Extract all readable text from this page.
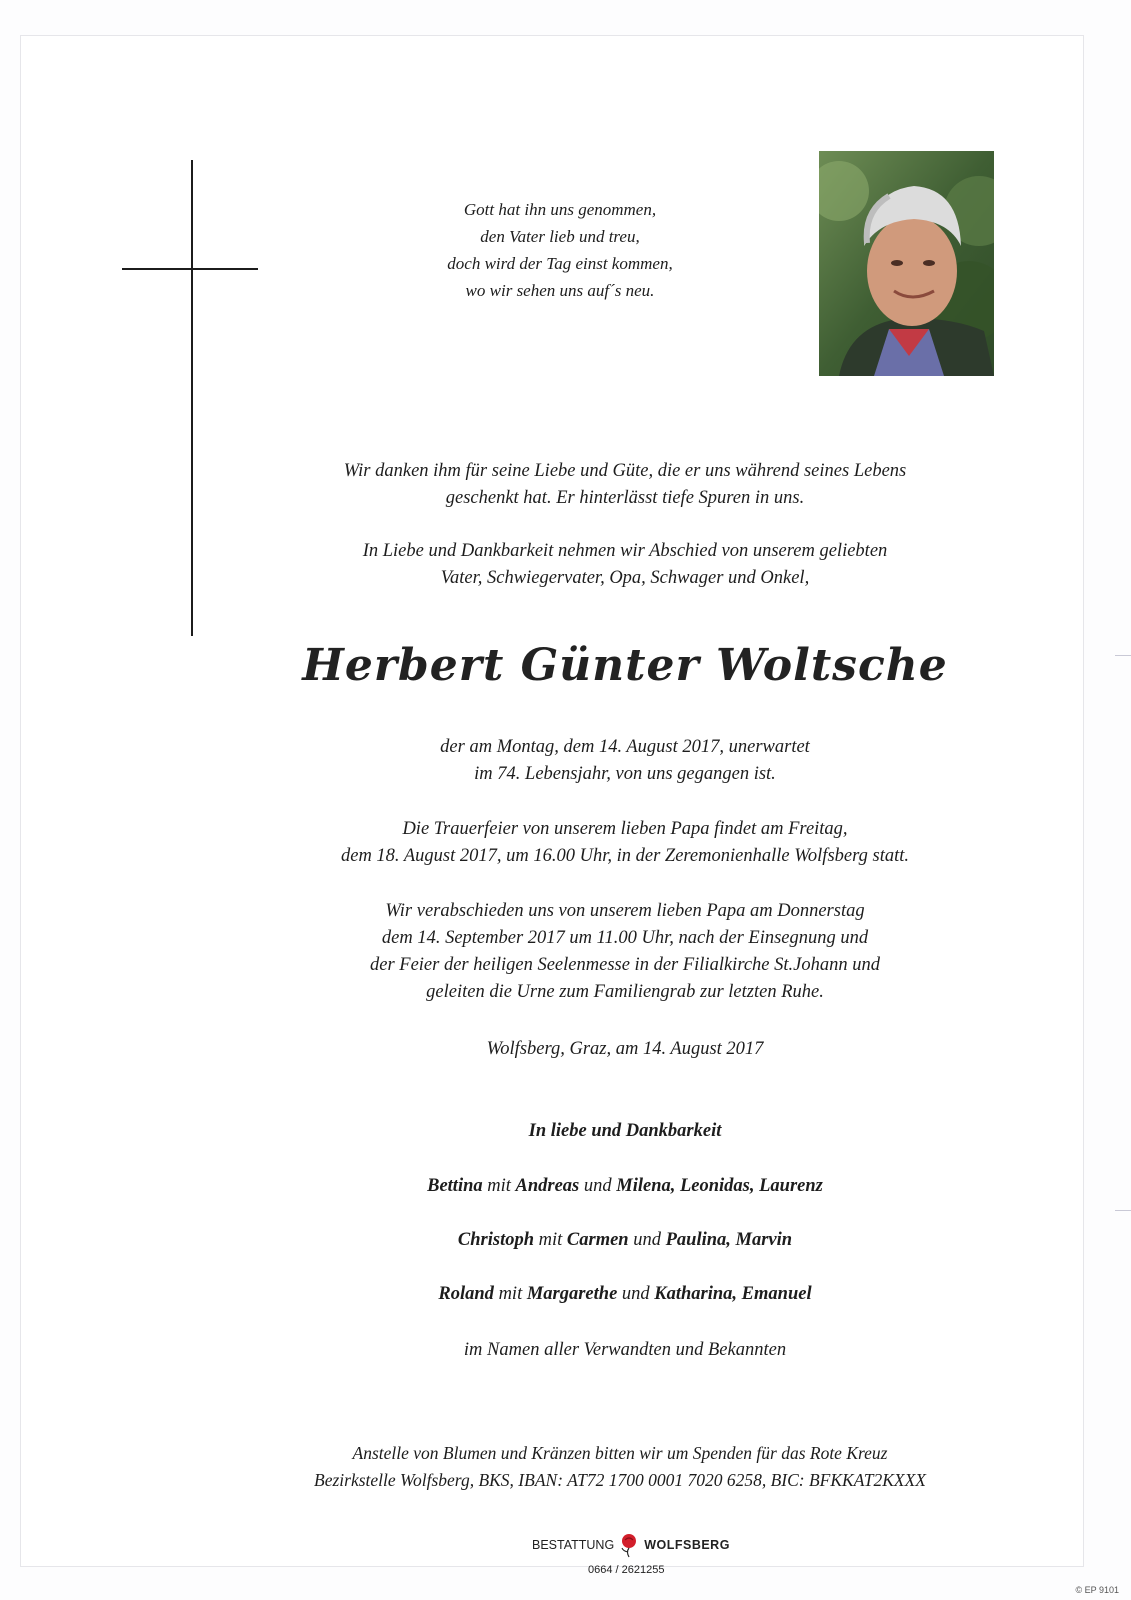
Gott hat ihn uns genommen,
den Vater lieb und treu,
doch wird der Tag einst kommen,
wo wir sehen uns auf´s neu.
Wir danken ihm für seine Liebe und Güte, die er uns während seines Lebens
geschenkt hat. Er hinterlässt tiefe Spuren in uns.
In Liebe und Dankbarkeit nehmen wir Abschied von unserem geliebten
Vater, Schwiegervater, Opa, Schwager und Onkel,
Herbert Günter Woltsche
der am Montag, dem 14. August 2017, unerwartet
im 74. Lebensjahr, von uns gegangen ist.
Die Trauerfeier von unserem lieben Papa findet am Freitag,
dem 18. August 2017, um 16.00 Uhr, in der Zeremonienhalle Wolfsberg statt.
Wir verabschieden uns von unserem lieben Papa am Donnerstag
dem 14. September 2017 um 11.00 Uhr, nach der Einsegnung und
der Feier der heiligen Seelenmesse in der Filialkirche St.Johann und
geleiten die Urne zum Familiengrab zur letzten Ruhe.
Wolfsberg, Graz, am 14. August 2017
In liebe und Dankbarkeit
Bettina mit Andreas und Milena, Leonidas, Laurenz
Christoph mit Carmen und Paulina, Marvin
Roland mit Margarethe und Katharina, Emanuel
im Namen aller Verwandten und Bekannten
Anstelle von Blumen und Kränzen bitten wir um Spenden für das Rote Kreuz
Bezirkstelle Wolfsberg, BKS, IBAN: AT72 1700 0001 7020 6258, BIC: BFKKAT2KXXX
BESTATTUNG WOLFSBERG
0664 / 2621255
© EP 9101
